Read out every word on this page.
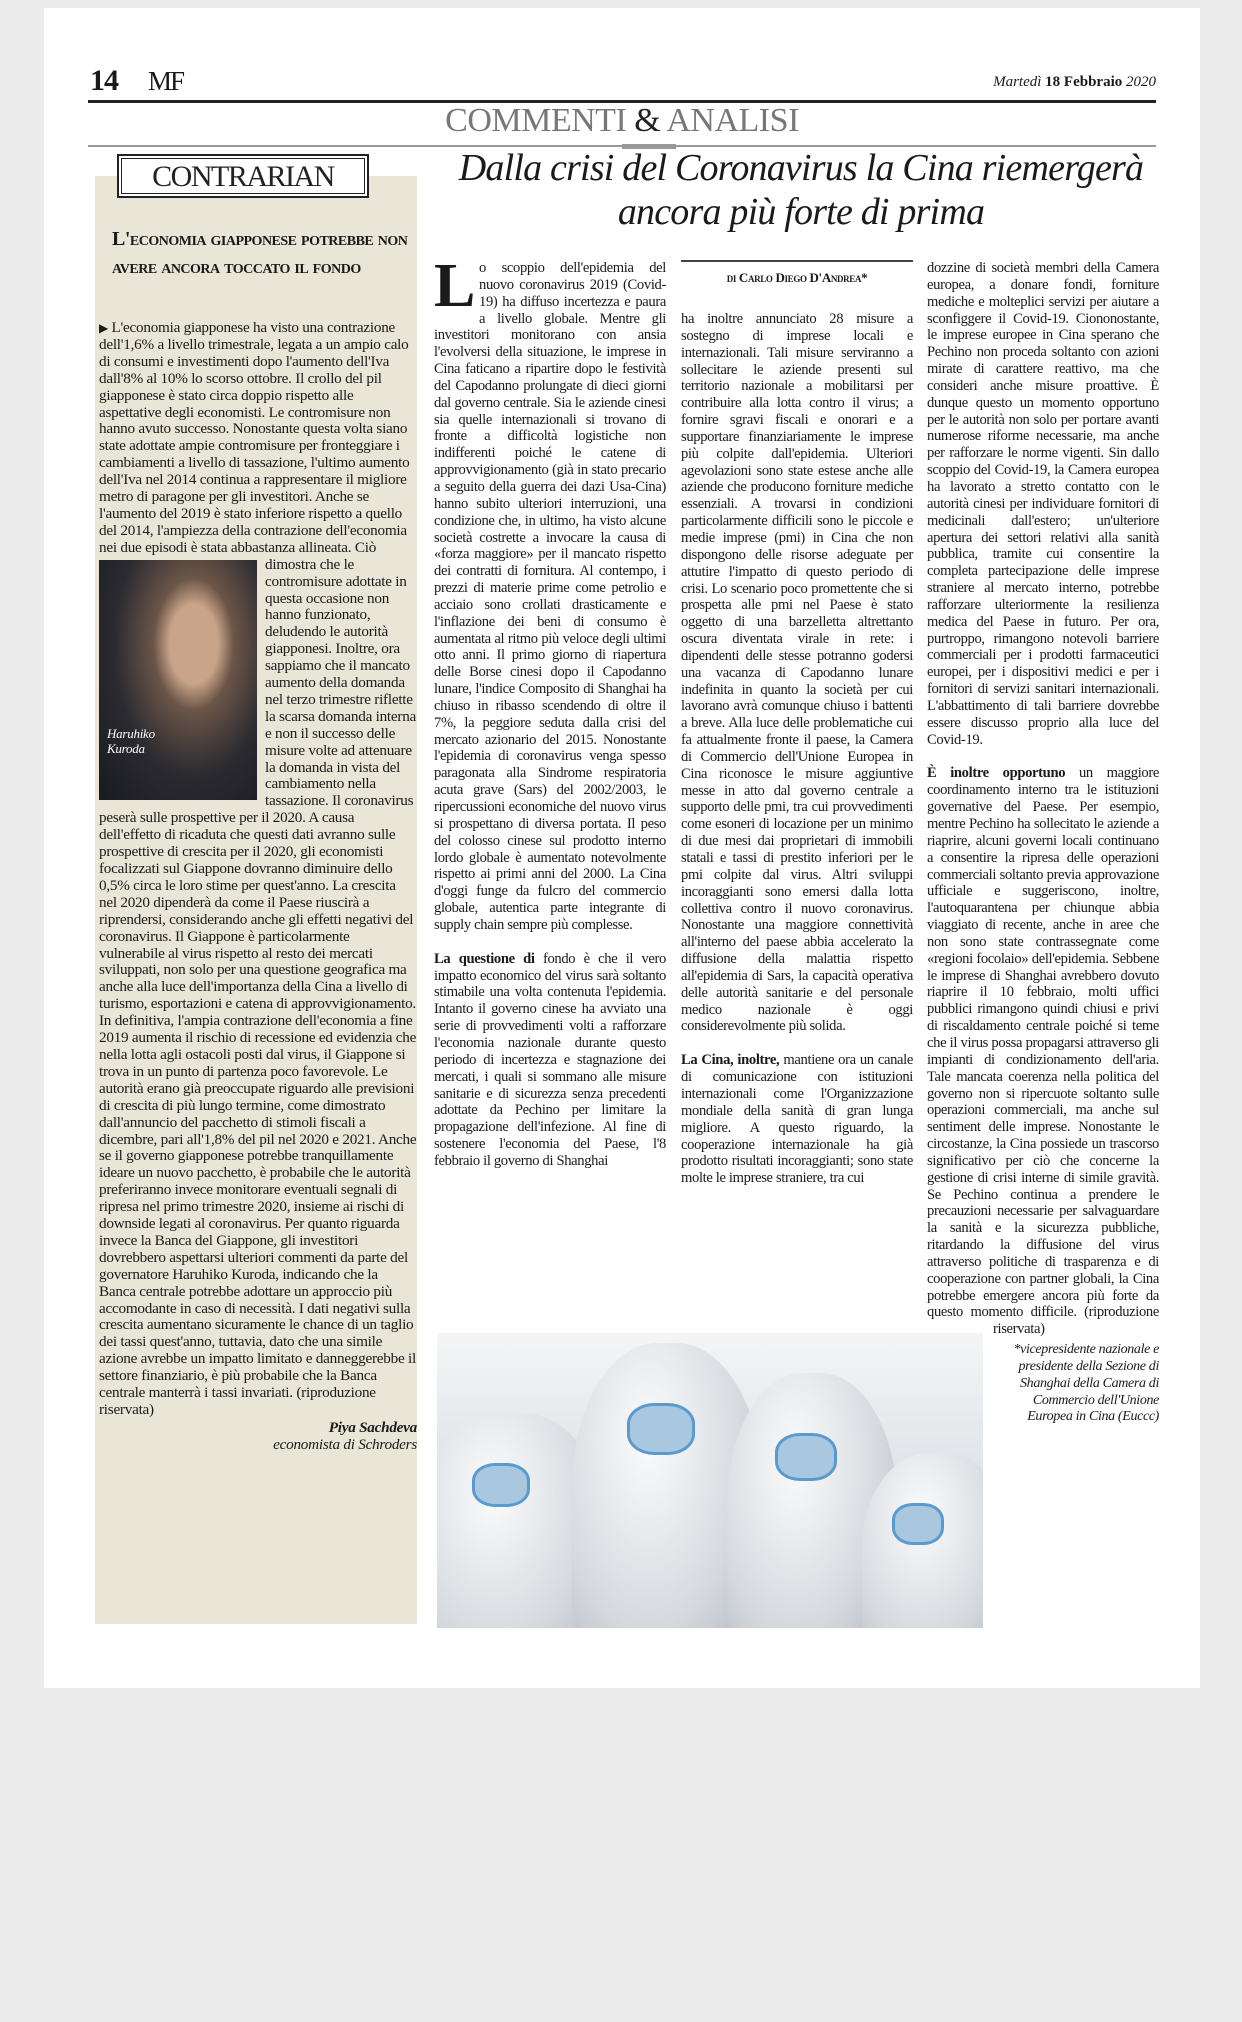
14 MF	Martedì 18 Febbraio 2020
COMMENTI & ANALISI
CONTRARIAN
L'economia giapponese potrebbe non avere ancora toccato il fondo
▶ L'economia giapponese ha visto una contrazione dell'1,6% a livello trimestrale, legata a un ampio calo di consumi e investimenti dopo l'aumento dell'Iva dall'8% al 10% lo scorso ottobre. Il crollo del pil giapponese è stato circa doppio rispetto alle aspettative degli economisti. Le contromisure non hanno avuto successo. Nonostante questa volta siano state adottate ampie contromisure per fronteggiare i cambiamenti a livello di tassazione, l'ultimo aumento dell'Iva nel 2014 continua a rappresentare il migliore metro di paragone per gli investitori. Anche se l'aumento del 2019 è stato inferiore rispetto a quello del 2014, l'ampiezza della contrazione dell'economia nei due episodi è stata abbastanza allineata. Ciò dimostra che le
Haruhiko
Kuroda
contromisure adottate in questa occasione non hanno funzionato, deludendo le autorità giapponesi. Inoltre, ora sappiamo che il mancato aumento della domanda nel terzo trimestre riflette la scarsa domanda interna e non il successo delle misure volte ad attenuare la domanda in vista del cambiamento nella tassazione. Il coronavirus peserà sulle prospettive per il 2020. A causa dell'effetto di ricaduta che questi dati avranno sulle prospettive di crescita per il 2020, gli economisti focalizzati sul Giappone dovranno diminuire dello 0,5% circa le loro stime per quest'anno. La crescita nel 2020 dipenderà da come il Paese riuscirà a riprendersi, considerando anche gli effetti negativi del coronavirus. Il Giappone è particolarmente vulnerabile al virus rispetto al resto dei mercati sviluppati, non solo per una questione geografica ma anche alla luce dell'importanza della Cina a livello di turismo, esportazioni e catena di approvvigionamento. In definitiva, l'ampia contrazione dell'economia a fine 2019 aumenta il rischio di recessione ed evidenzia che nella lotta agli ostacoli posti dal virus, il Giappone si trova in un punto di partenza poco favorevole. Le autorità erano già preoccupate riguardo alle previsioni di crescita di più lungo termine, come dimostrato dall'annuncio del pacchetto di stimoli fiscali a dicembre, pari all'1,8% del pil nel 2020 e 2021. Anche se il governo giapponese potrebbe tranquillamente ideare un nuovo pacchetto, è probabile che le autorità preferiranno invece monitorare eventuali segnali di ripresa nel primo trimestre 2020, insieme ai rischi di downside legati al coronavirus. Per quanto riguarda invece la Banca del Giappone, gli investitori dovrebbero aspettarsi ulteriori commenti da parte del governatore Haruhiko Kuroda, indicando che la Banca centrale potrebbe adottare un approccio più accomodante in caso di necessità. I dati negativi sulla crescita aumentano sicuramente le chance di un taglio dei tassi quest'anno, tuttavia, dato che una simile azione avrebbe un impatto limitato e danneggerebbe il settore finanziario, è più probabile che la Banca centrale manterrà i tassi invariati. (riproduzione riservata)
Piya Sachdeva
economista di Schroders
Dalla crisi del Coronavirus la Cina riemergerà ancora più forte di prima

Lo scoppio dell'epidemia del nuovo coronavirus 2019 (Covid-19) ha diffuso incertezza e paura a livello globale. Mentre gli investitori monitorano con ansia l'evolversi della situazione, le imprese in Cina faticano a ripartire dopo le festività del Capodanno prolungate di dieci giorni dal governo centrale. Sia le aziende cinesi sia quelle internazionali si trovano di fronte a difficoltà logistiche non indifferenti poiché le catene di approvvigionamento (già in stato precario a seguito della guerra dei dazi Usa-Cina) hanno subito ulteriori interruzioni, una condizione che, in ultimo, ha visto alcune società costrette a invocare la causa di «forza maggiore» per il mancato rispetto dei contratti di fornitura. Al contempo, i prezzi di materie prime come petrolio e acciaio sono crollati drasticamente e l'inflazione dei beni di consumo è aumentata al ritmo più veloce degli ultimi otto anni. Il primo giorno di riapertura delle Borse cinesi dopo il Capodanno lunare, l'indice Composito di Shanghai ha chiuso in ribasso scendendo di oltre il 7%, la peggiore seduta dalla crisi del mercato azionario del 2015. Nonostante l'epidemia di coronavirus venga spesso paragonata alla Sindrome respiratoria acuta grave (Sars) del 2002/2003, le ripercussioni economiche del nuovo virus si prospettano di diversa portata. Il peso del colosso cinese sul prodotto interno lordo globale è aumentato notevolmente rispetto ai primi anni del 2000. La Cina d'oggi funge da fulcro del commercio globale, autentica parte integrante di supply chain sempre più complesse.

La questione di fondo è che il vero impatto economico del virus sarà soltanto stimabile una volta contenuta l'epidemia. Intanto il governo cinese ha avviato una serie di provvedimenti volti a rafforzare l'economia nazionale durante questo periodo di incertezza e stagnazione dei mercati, i quali si sommano alle misure sanitarie e di sicurezza senza precedenti adottate da Pechino per limitare la propagazione dell'infezione. Al fine di sostenere l'economia del Paese, l'8 febbraio il governo di Shanghai

di Carlo Diego D'Andrea*

ha inoltre annunciato 28 misure a sostegno di imprese locali e internazionali. Tali misure serviranno a sollecitare le aziende presenti sul territorio nazionale a mobilitarsi per contribuire alla lotta contro il virus; a fornire sgravi fiscali e onorari e a supportare finanziariamente le imprese più colpite dall'epidemia. Ulteriori agevolazioni sono state estese anche alle aziende che producono forniture mediche essenziali. A trovarsi in condizioni particolarmente difficili sono le piccole e medie imprese (pmi) in Cina che non dispongono delle risorse adeguate per attutire l'impatto di questo periodo di crisi. Lo scenario poco promettente che si prospetta alle pmi nel Paese è stato oggetto di una barzelletta altrettanto oscura diventata virale in rete: i dipendenti delle stesse potranno godersi una vacanza di Capodanno lunare indefinita in quanto la società per cui lavorano avrà comunque chiuso i battenti a breve. Alla luce delle problematiche cui fa attualmente fronte il paese, la Camera di Commercio dell'Unione Europea in Cina riconosce le misure aggiuntive messe in atto dal governo centrale a supporto delle pmi, tra cui provvedimenti come esoneri di locazione per un minimo di due mesi dai proprietari di immobili statali e tassi di prestito inferiori per le pmi colpite dal virus. Altri sviluppi incoraggianti sono emersi dalla lotta collettiva contro il nuovo coronavirus. Nonostante una maggiore connettività all'interno del paese abbia accelerato la diffusione della malattia rispetto all'epidemia di Sars, la capacità operativa delle autorità sanitarie e del personale medico nazionale è oggi considerevolmente più solida.

La Cina, inoltre, mantiene ora un canale di comunicazione con istituzioni internazionali come l'Organizzazione mondiale della sanità di gran lunga migliore. A questo riguardo, la cooperazione internazionale ha già prodotto risultati incoraggianti; sono state molte le imprese straniere, tra cui

dozzine di società membri della Camera europea, a donare fondi, forniture mediche e molteplici servizi per aiutare a sconfiggere il Covid-19. Ciononostante, le imprese europee in Cina sperano che Pechino non proceda soltanto con azioni mirate di carattere reattivo, ma che consideri anche misure proattive. È dunque questo un momento opportuno per le autorità non solo per portare avanti numerose riforme necessarie, ma anche per rafforzare le norme vigenti. Sin dallo scoppio del Covid-19, la Camera europea ha lavorato a stretto contatto con le autorità cinesi per individuare fornitori di medicinali dall'estero; un'ulteriore apertura dei settori relativi alla sanità pubblica, tramite cui consentire la completa partecipazione delle imprese straniere al mercato interno, potrebbe rafforzare ulteriormente la resilienza medica del Paese in futuro. Per ora, purtroppo, rimangono notevoli barriere commerciali per i prodotti farmaceutici europei, per i dispositivi medici e per i fornitori di servizi sanitari internazionali. L'abbattimento di tali barriere dovrebbe essere discusso proprio alla luce del Covid-19.

È inoltre opportuno un maggiore coordinamento interno tra le istituzioni governative del Paese. Per esempio, mentre Pechino ha sollecitato le aziende a riaprire, alcuni governi locali continuano a consentire la ripresa delle operazioni commerciali soltanto previa approvazione ufficiale e suggeriscono, inoltre, l'autoquarantena per chiunque abbia viaggiato di recente, anche in aree che non sono state contrassegnate come «regioni focolaio» dell'epidemia. Sebbene le imprese di Shanghai avrebbero dovuto riaprire il 10 febbraio, molti uffici pubblici rimangono quindi chiusi e privi di riscaldamento centrale poiché si teme che il virus possa propagarsi attraverso gli impianti di condizionamento dell'aria. Tale mancata coerenza nella politica del governo non si ripercuote soltanto sulle operazioni commerciali, ma anche sul sentiment delle imprese. Nonostante le circostanze, la Cina possiede un trascorso significativo per ciò che concerne la gestione di crisi interne di simile gravità. Se Pechino continua a prendere le precauzioni necessarie per salvaguardare la sanità e la sicurezza pubbliche, ritardando la diffusione del virus attraverso politiche di trasparenza e di cooperazione con partner globali, la Cina potrebbe emergere ancora più forte da questo momento difficile. (riproduzione riservata)

*vicepresidente nazionale e presidente della Sezione di Shanghai della Camera di Commercio dell'Unione Europea in Cina (Euccc)
